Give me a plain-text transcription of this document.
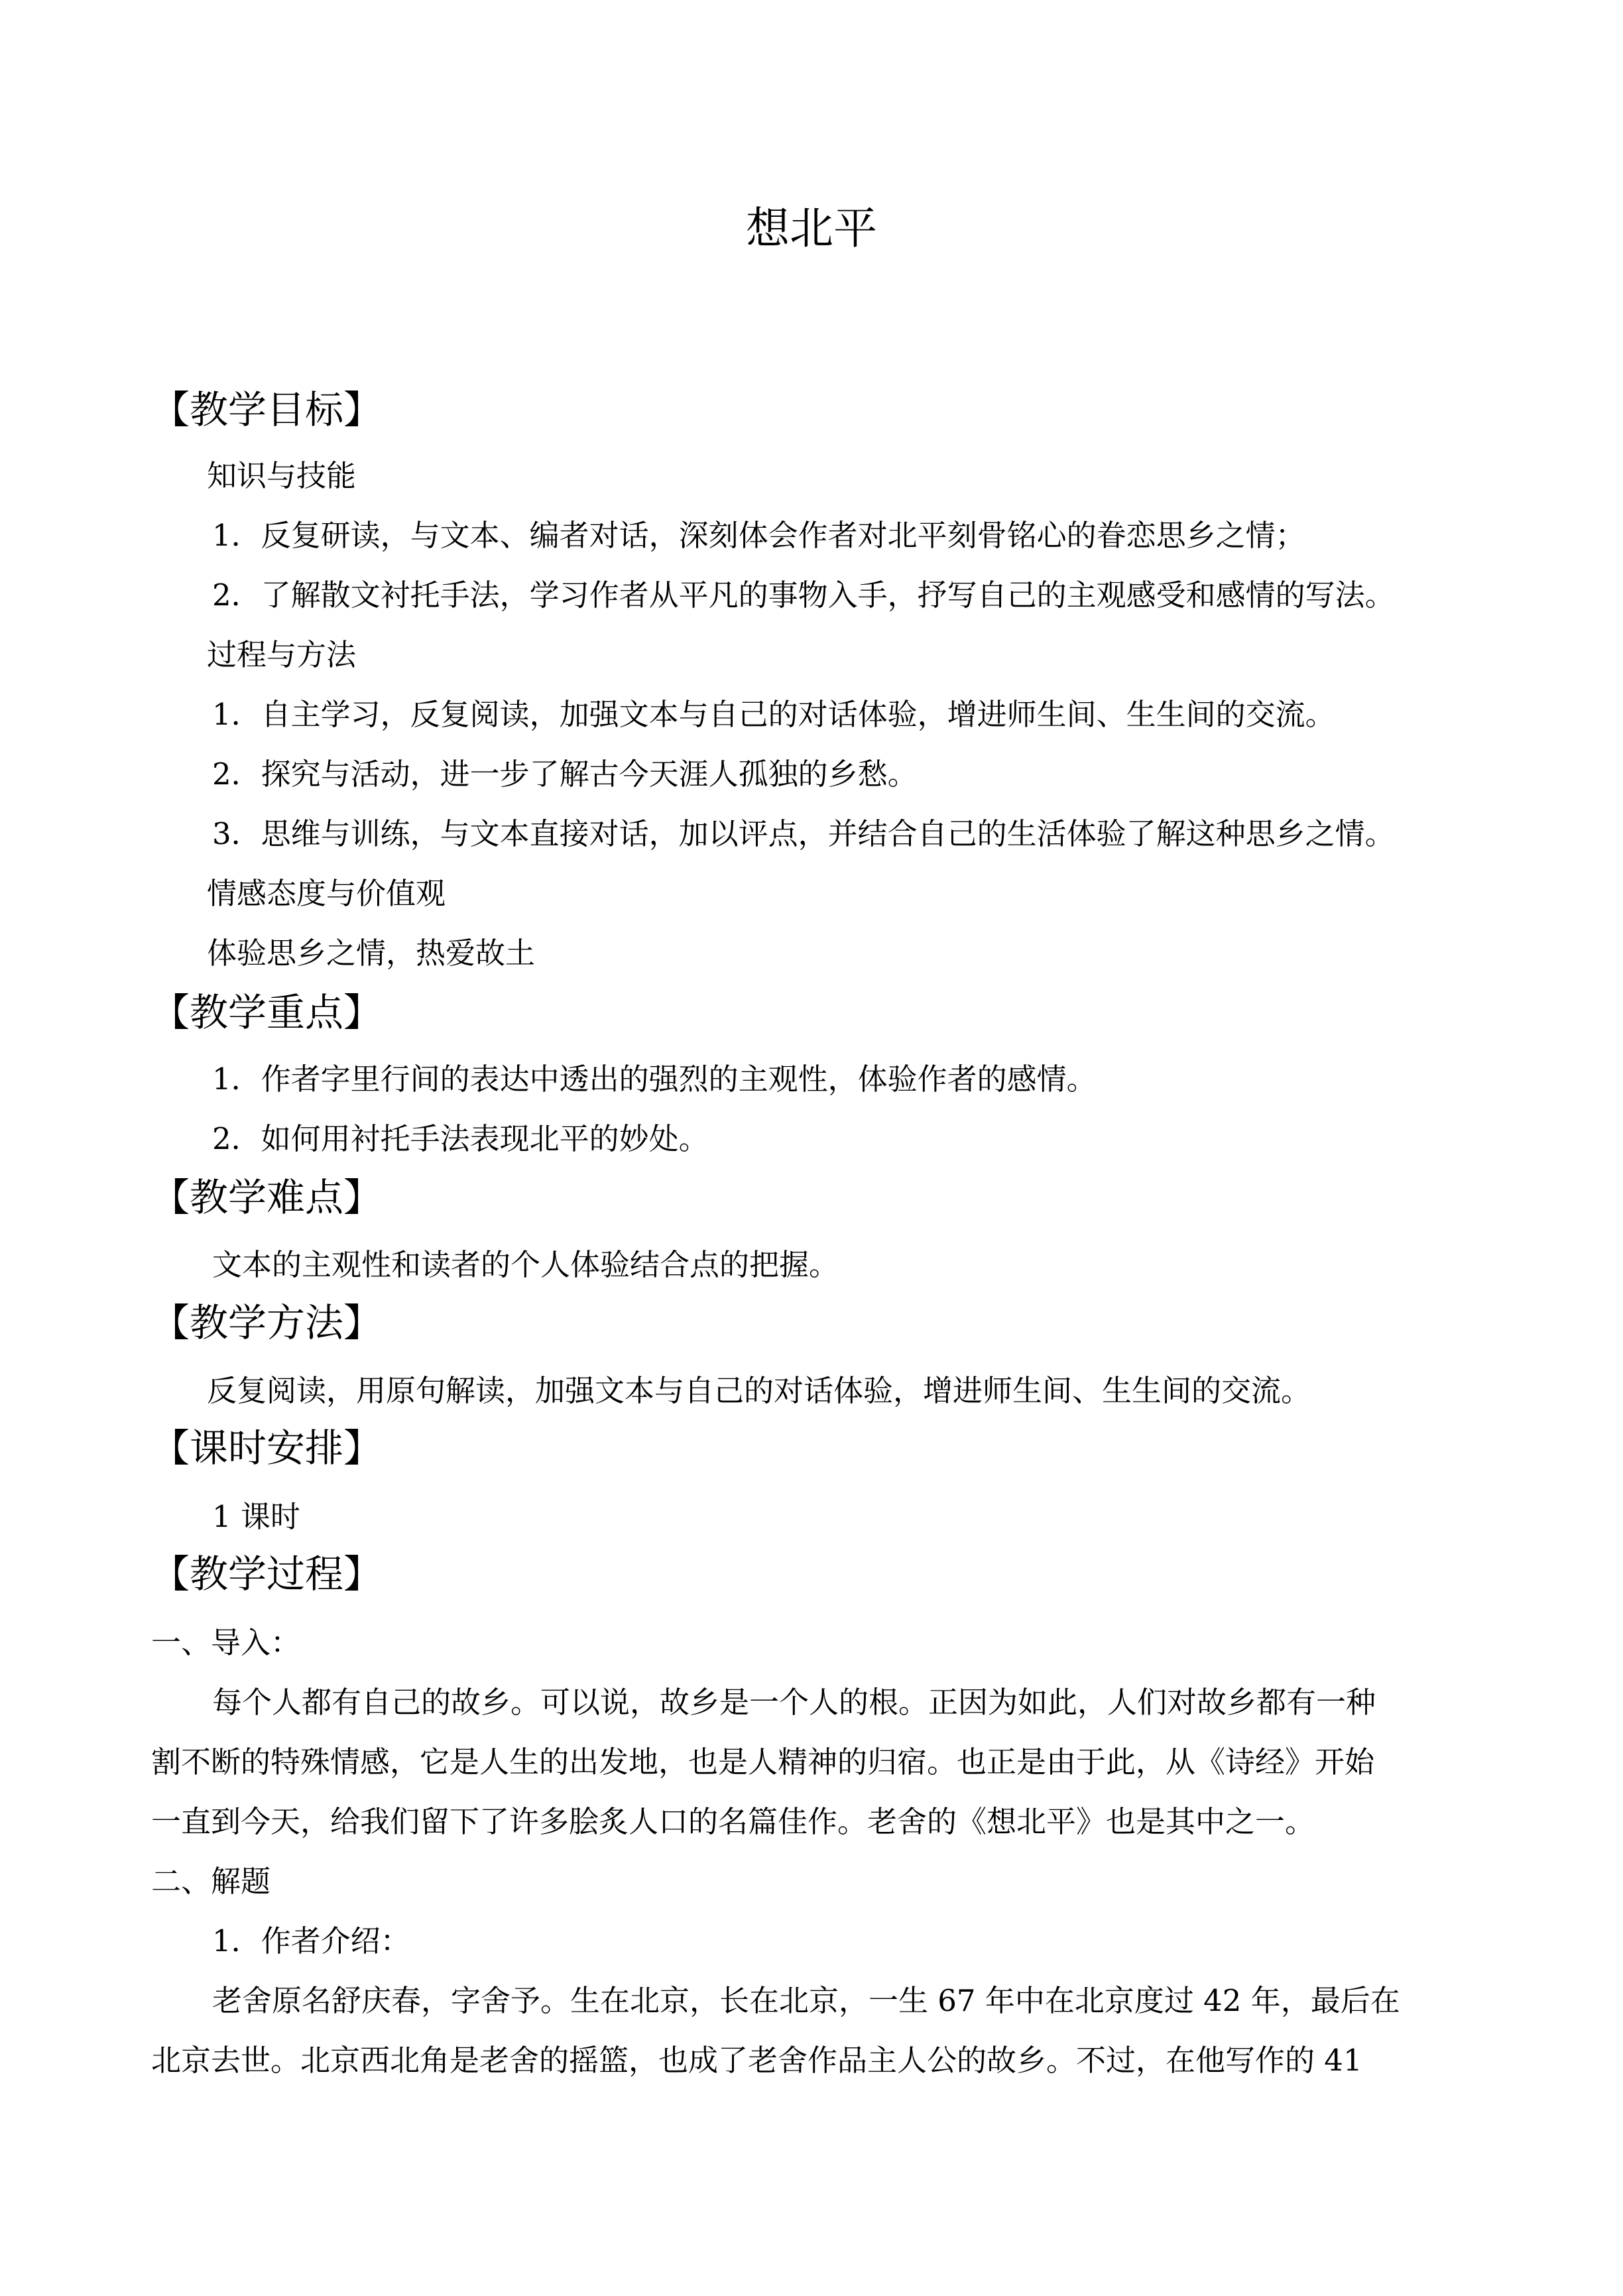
想北平
【教学目标】
知识与技能
1．反复研读，与文本、编者对话，深刻体会作者对北平刻骨铭心的眷恋思乡之情；
2．了解散文衬托手法，学习作者从平凡的事物入手，抒写自己的主观感受和感情的写法。
过程与方法
1．自主学习，反复阅读，加强文本与自己的对话体验，增进师生间、生生间的交流。
2．探究与活动，进一步了解古今天涯人孤独的乡愁。
3．思维与训练，与文本直接对话，加以评点，并结合自己的生活体验了解这种思乡之情。
情感态度与价值观
体验思乡之情，热爱故土
【教学重点】
1．作者字里行间的表达中透出的强烈的主观性，体验作者的感情。
2．如何用衬托手法表现北平的妙处。
【教学难点】
文本的主观性和读者的个人体验结合点的把握。
【教学方法】
反复阅读，用原句解读，加强文本与自己的对话体验，增进师生间、生生间的交流。
【课时安排】
1 课时
【教学过程】
一、导入：
每个人都有自己的故乡。可以说，故乡是一个人的根。正因为如此，人们对故乡都有一种
割不断的特殊情感，它是人生的出发地，也是人精神的归宿。也正是由于此，从《诗经》开始
一直到今天，给我们留下了许多脍炙人口的名篇佳作。老舍的《想北平》也是其中之一。
二、解题
1．作者介绍：
老舍原名舒庆春，字舍予。生在北京，长在北京，一生 67 年中在北京度过 42 年，最后在
北京去世。北京西北角是老舍的摇篮，也成了老舍作品主人公的故乡。不过，在他写作的 41
